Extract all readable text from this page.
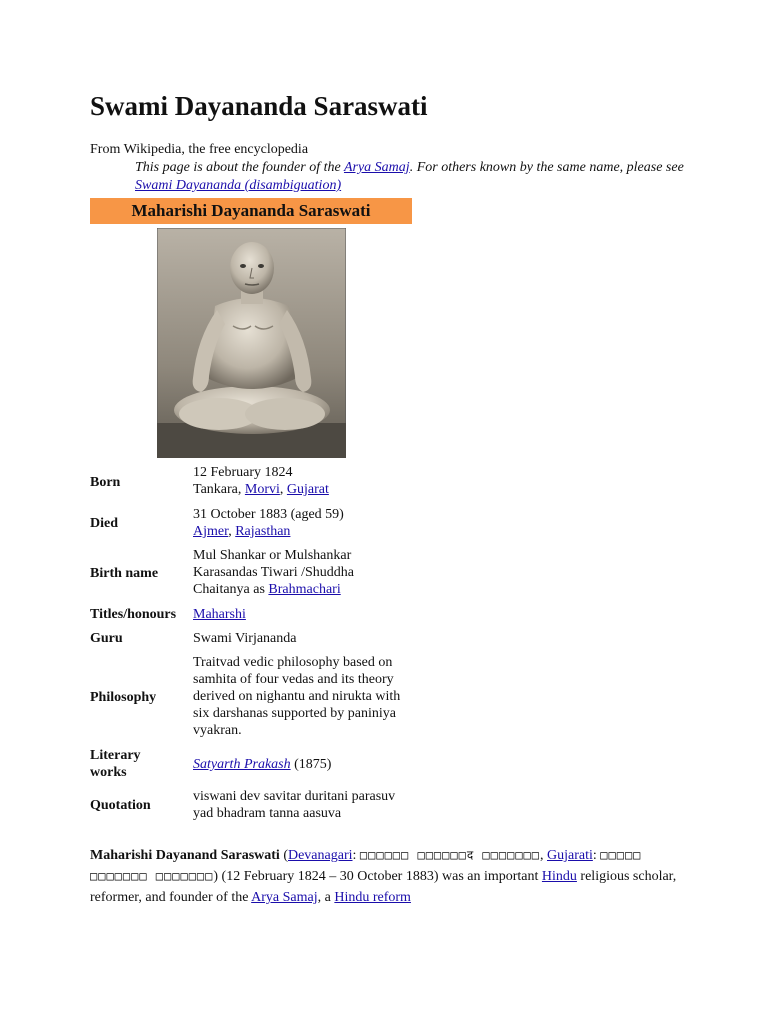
Swami Dayananda Saraswati
From Wikipedia, the free encyclopedia
This page is about the founder of the Arya Samaj. For others known by the same name, please see Swami Dayananda (disambiguation)
Maharishi Dayananda Saraswati
Born
12 February 1824
Tankara, Morvi, Gujarat
Died
31 October 1883 (aged 59)
Ajmer, Rajasthan
Birth name
Mul Shankar or Mulshankar Karasandas Tiwari /Shuddha Chaitanya as Brahmachari
Titles/honours	Maharshi
Guru	Swami Virjananda
Philosophy
Traitvad vedic philosophy based on samhita of four vedas and its theory derived on nighantu and nirukta with six darshanas supported by paniniya vyakran.
Literary works
Satyarth Prakash (1875)
Quotation
viswani dev savitar duritani parasuv yad bhadram tanna aasuva
Maharishi Dayanand Saraswati (Devanagari: □□□□□□ □□□□□□द □□□□□□□, Gujarati: □□□□□ □□□□□□□ □□□□□□□) (12 February 1824 – 30 October 1883) was an important Hindu religious scholar, reformer, and founder of the Arya Samaj, a Hindu reform
